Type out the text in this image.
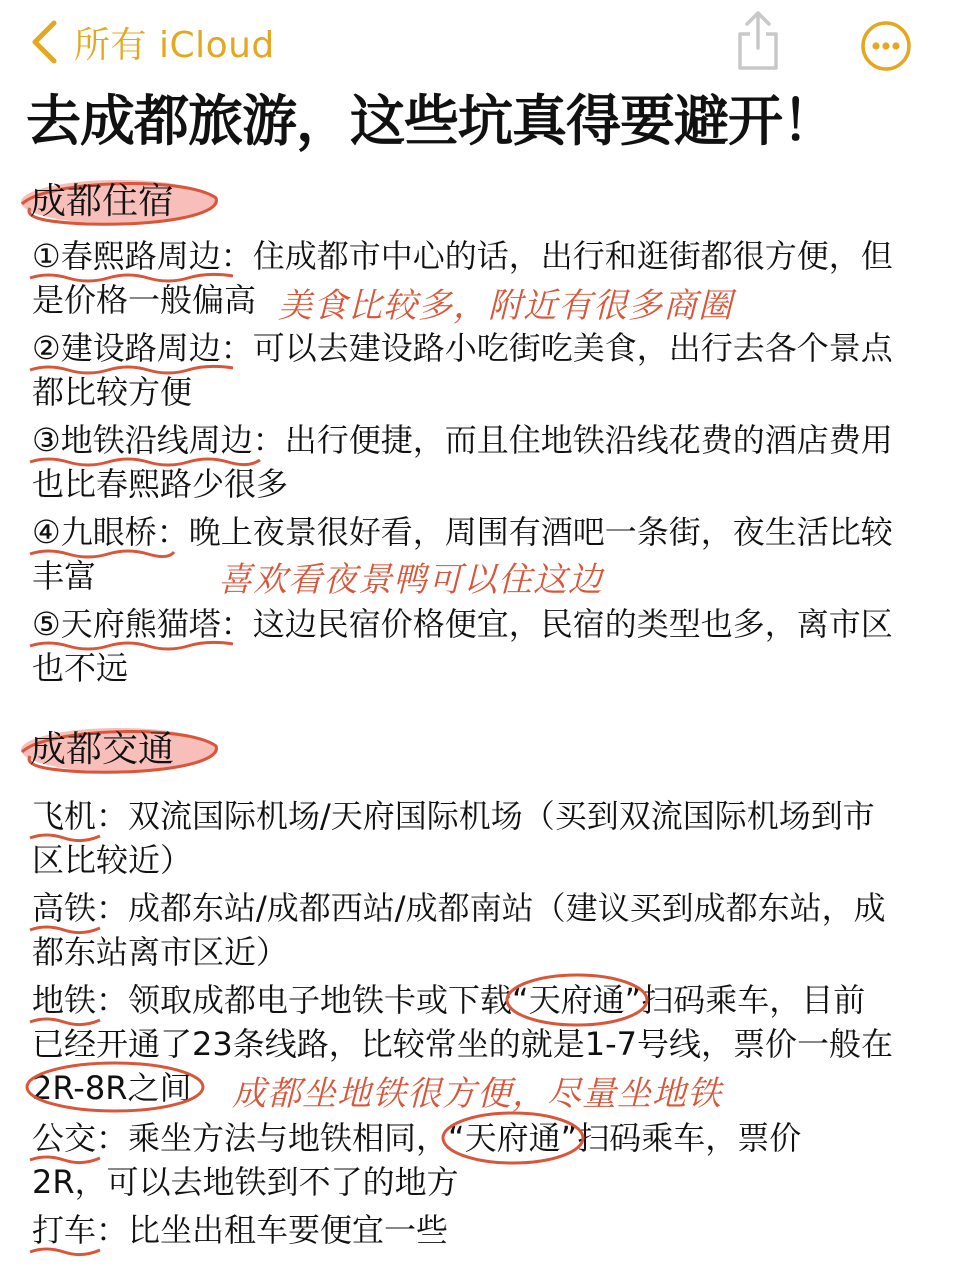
所有 iCloud
去成都旅游，这些坑真得要避开！
成都住宿
①春熙路周边
：住成都市中心的话，出行和逛街都很方便，但
是价格一般偏高 美食比较多，附近有很多商圈
②建设路周边
：可以去建设路小吃街吃美食，出行去各个景点
都比较方便
③地铁沿线周边
：出行便捷，而且住地铁沿线花费的酒店费用
也比春熙路少很多
④九眼桥
：晚上夜景很好看，周围有酒吧一条街，夜生活比较
丰富	喜欢看夜景鸭可以住这边
⑤天府熊猫塔
：这边民宿价格便宜，民宿的类型也多，离市区
也不远
成都交通
飞机
：双流国际机场/天府国际机场（买到双流国际机场到市
区比较近）
高铁
：成都东站/成都西站/成都南站（建议买到成都东站，成
都东站离市区近）
地铁
：领取成都电子地铁卡或下载
“天府通”扫码乘车，目前
已经开通了23条线路，比较常坐的就是1-7号线，票价一般在
2R-8R之间 成都坐地铁很方便，尽量坐地铁
公交
：乘坐方法与地铁相同，
“天府通”扫码乘车，票价
2R，可以去地铁到不了的地方
打车
：比坐出租车要便宜一些
